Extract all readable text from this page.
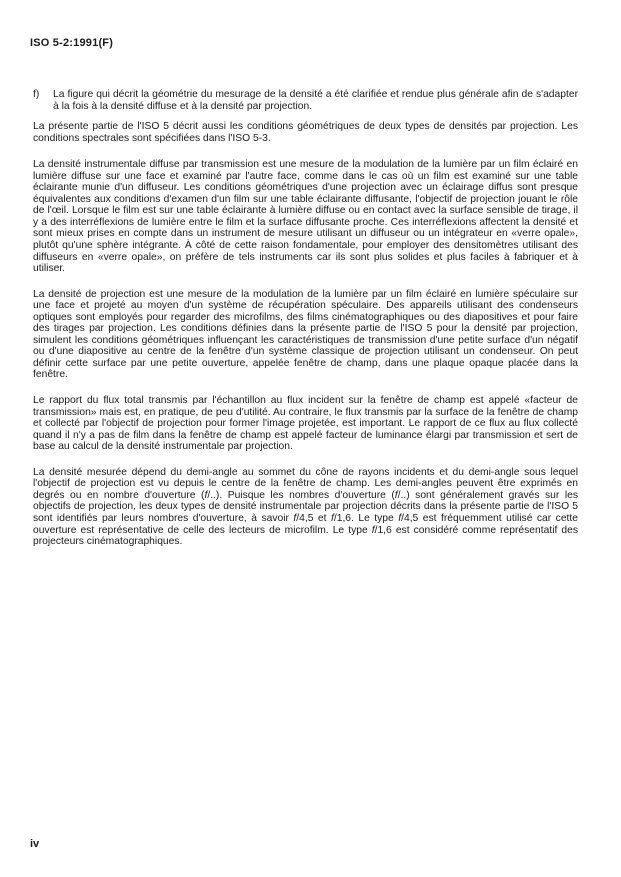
ISO 5-2:1991(F)
f)	La figure qui décrit la géométrie du mesurage de la densité a été clarifiée et rendue plus générale afin de s'adapter à la fois à la densité diffuse et à la densité par projection.

La présente partie de l'ISO 5 décrit aussi les conditions géométriques de deux types de densités par projection. Les conditions spectrales sont spécifiées dans l'ISO 5-3.

La densité instrumentale diffuse par transmission est une mesure de la modulation de la lumière par un film éclairé en lumière diffuse sur une face et examiné par l'autre face, comme dans le cas où un film est examiné sur une table éclairante munie d'un diffuseur. Les conditions géométriques d'une projection avec un éclairage diffus sont presque équivalentes aux conditions d'examen d'un film sur une table éclairante diffusante, l'objectif de projection jouant le rôle de l'œil. Lorsque le film est sur une table éclairante à lumière diffuse ou en contact avec la surface sensible de tirage, il y a des interréflexions de lumière entre le film et la surface diffusante proche. Ces interréflexions affectent la densité et sont mieux prises en compte dans un instrument de mesure utilisant un diffuseur ou un intégrateur en «verre opale», plutôt qu'une sphère intégrante. À côté de cette raison fondamentale, pour employer des densitomètres utilisant des diffuseurs en «verre opale», on préfère de tels instruments car ils sont plus solides et plus faciles à fabriquer et à utiliser.

La densité de projection est une mesure de la modulation de la lumière par un film éclairé en lumière spéculaire sur une face et projeté au moyen d'un système de récupération spéculaire. Des appareils utilisant des condenseurs optiques sont employés pour regarder des microfilms, des films cinématographiques ou des diapositives et pour faire des tirages par projection. Les conditions définies dans la présente partie de l'ISO 5 pour la densité par projection, simulent les conditions géométriques influençant les caractéristiques de transmission d'une petite surface d'un négatif ou d'une diapositive au centre de la fenêtre d'un système classique de projection utilisant un condenseur. On peut définir cette surface par une petite ouverture, appelée fenêtre de champ, dans une plaque opaque placée dans la fenêtre.

Le rapport du flux total transmis par l'échantillon au flux incident sur la fenêtre de champ est appelé «facteur de transmission» mais est, en pratique, de peu d'utilité. Au contraire, le flux transmis par la surface de la fenêtre de champ et collecté par l'objectif de projection pour former l'image projetée, est important. Le rapport de ce flux au flux collecté quand il n'y a pas de film dans la fenêtre de champ est appelé facteur de luminance élargi par transmission et sert de base au calcul de la densité instrumentale par projection.

La densité mesurée dépend du demi-angle au sommet du cône de rayons incidents et du demi-angle sous lequel l'objectif de projection est vu depuis le centre de la fenêtre de champ. Les demi-angles peuvent être exprimés en degrés ou en nombre d'ouverture (f/..). Puisque les nombres d'ouverture (f/..) sont généralement gravés sur les objectifs de projection, les deux types de densité instrumentale par projection décrits dans la présente partie de l'ISO 5 sont identifiés par leurs nombres d'ouverture, à savoir f/4,5 et f/1,6. Le type f/4,5 est fréquemment utilisé car cette ouverture est représentative de celle des lecteurs de microfilm. Le type f/1,6 est considéré comme représentatif des projecteurs cinématographiques.

iv
